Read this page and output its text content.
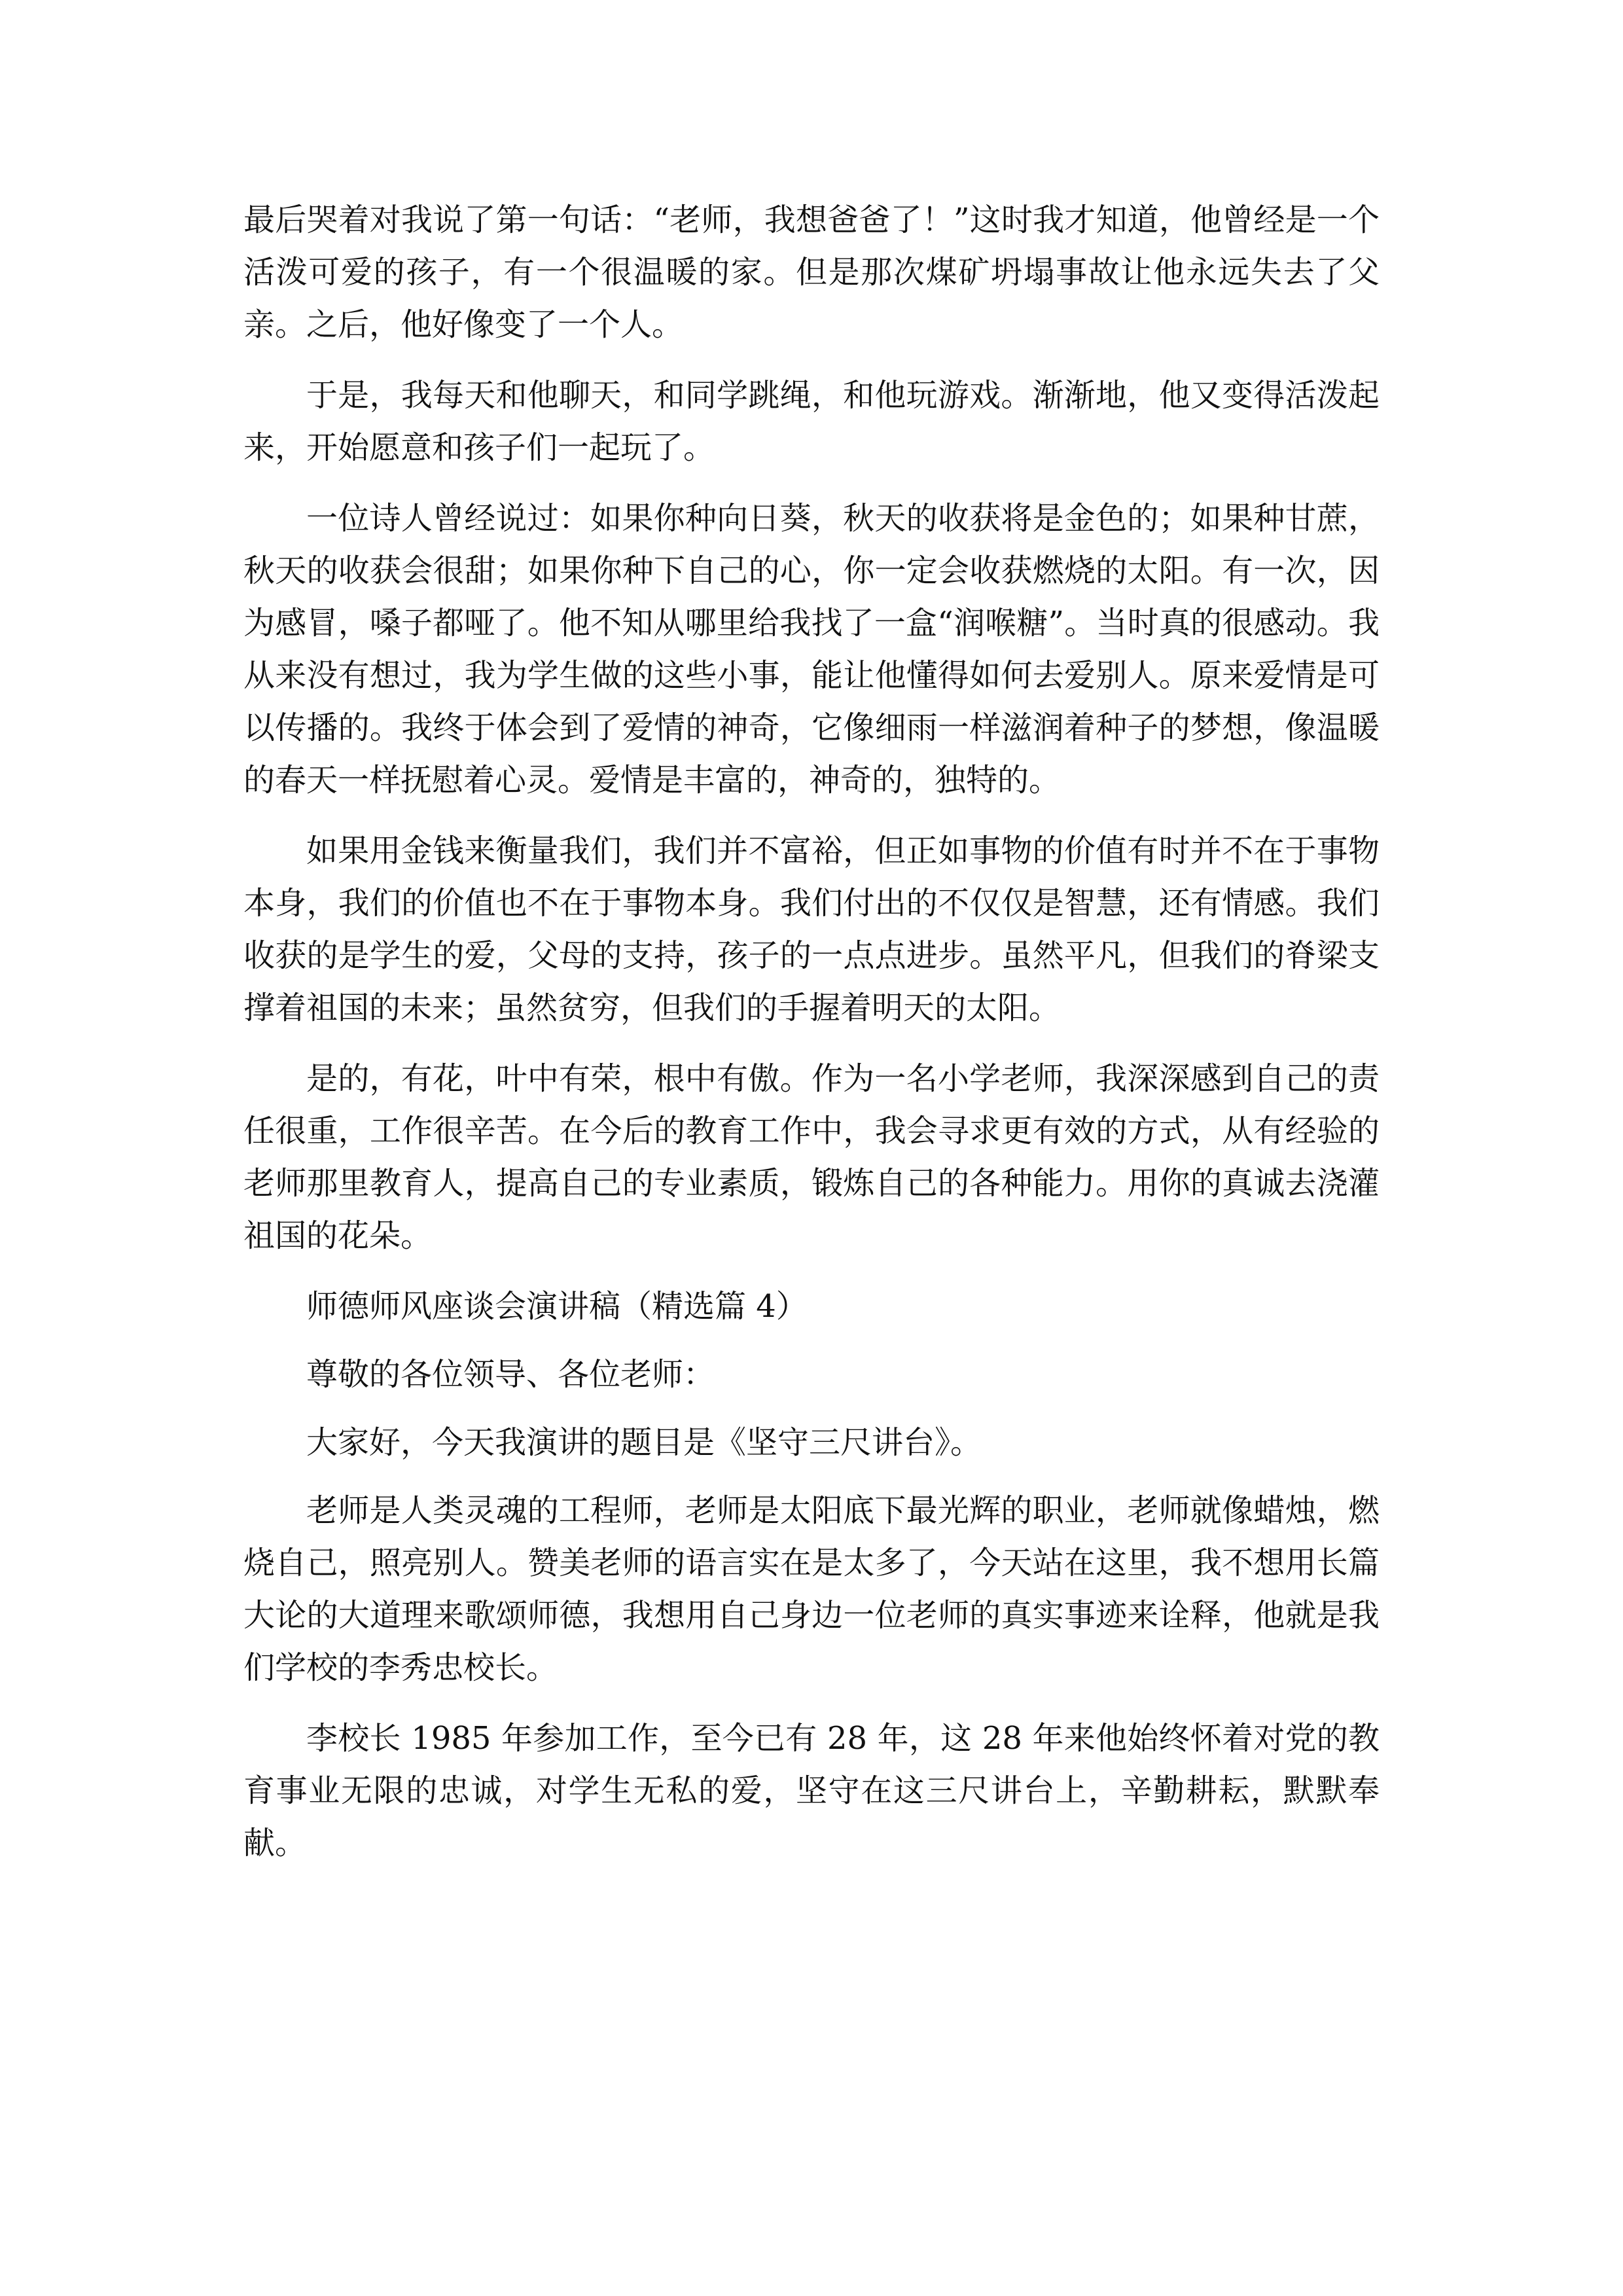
最后哭着对我说了第一句话：“老师，我想爸爸了！”这时我才知道，他曾经是一个活泼可爱的孩子，有一个很温暖的家。但是那次煤矿坍塌事故让他永远失去了父亲。之后，他好像变了一个人。

于是，我每天和他聊天，和同学跳绳，和他玩游戏。渐渐地，他又变得活泼起来，开始愿意和孩子们一起玩了。

一位诗人曾经说过：如果你种向日葵，秋天的收获将是金色的；如果种甘蔗，秋天的收获会很甜；如果你种下自己的心，你一定会收获燃烧的太阳。有一次，因为感冒，嗓子都哑了。他不知从哪里给我找了一盒“润喉糖”。当时真的很感动。我从来没有想过，我为学生做的这些小事，能让他懂得如何去爱别人。原来爱情是可以传播的。我终于体会到了爱情的神奇，它像细雨一样滋润着种子的梦想，像温暖的春天一样抚慰着心灵。爱情是丰富的，神奇的，独特的。

如果用金钱来衡量我们，我们并不富裕，但正如事物的价值有时并不在于事物本身，我们的价值也不在于事物本身。我们付出的不仅仅是智慧，还有情感。我们收获的是学生的爱，父母的支持，孩子的一点点进步。虽然平凡，但我们的脊梁支撑着祖国的未来；虽然贫穷，但我们的手握着明天的太阳。

是的，有花，叶中有荣，根中有傲。作为一名小学老师，我深深感到自己的责任很重，工作很辛苦。在今后的教育工作中，我会寻求更有效的方式，从有经验的老师那里教育人，提高自己的专业素质，锻炼自己的各种能力。用你的真诚去浇灌祖国的花朵。

师德师风座谈会演讲稿（精选篇 4）

尊敬的各位领导、各位老师：

大家好，今天我演讲的题目是《坚守三尺讲台》。

老师是人类灵魂的工程师，老师是太阳底下最光辉的职业，老师就像蜡烛，燃烧自己，照亮别人。赞美老师的语言实在是太多了，今天站在这里，我不想用长篇大论的大道理来歌颂师德，我想用自己身边一位老师的真实事迹来诠释，他就是我们学校的李秀忠校长。

李校长 1985 年参加工作，至今已有 28 年，这 28 年来他始终怀着对党的教育事业无限的忠诚，对学生无私的爱，坚守在这三尺讲台上，辛勤耕耘，默默奉献。
